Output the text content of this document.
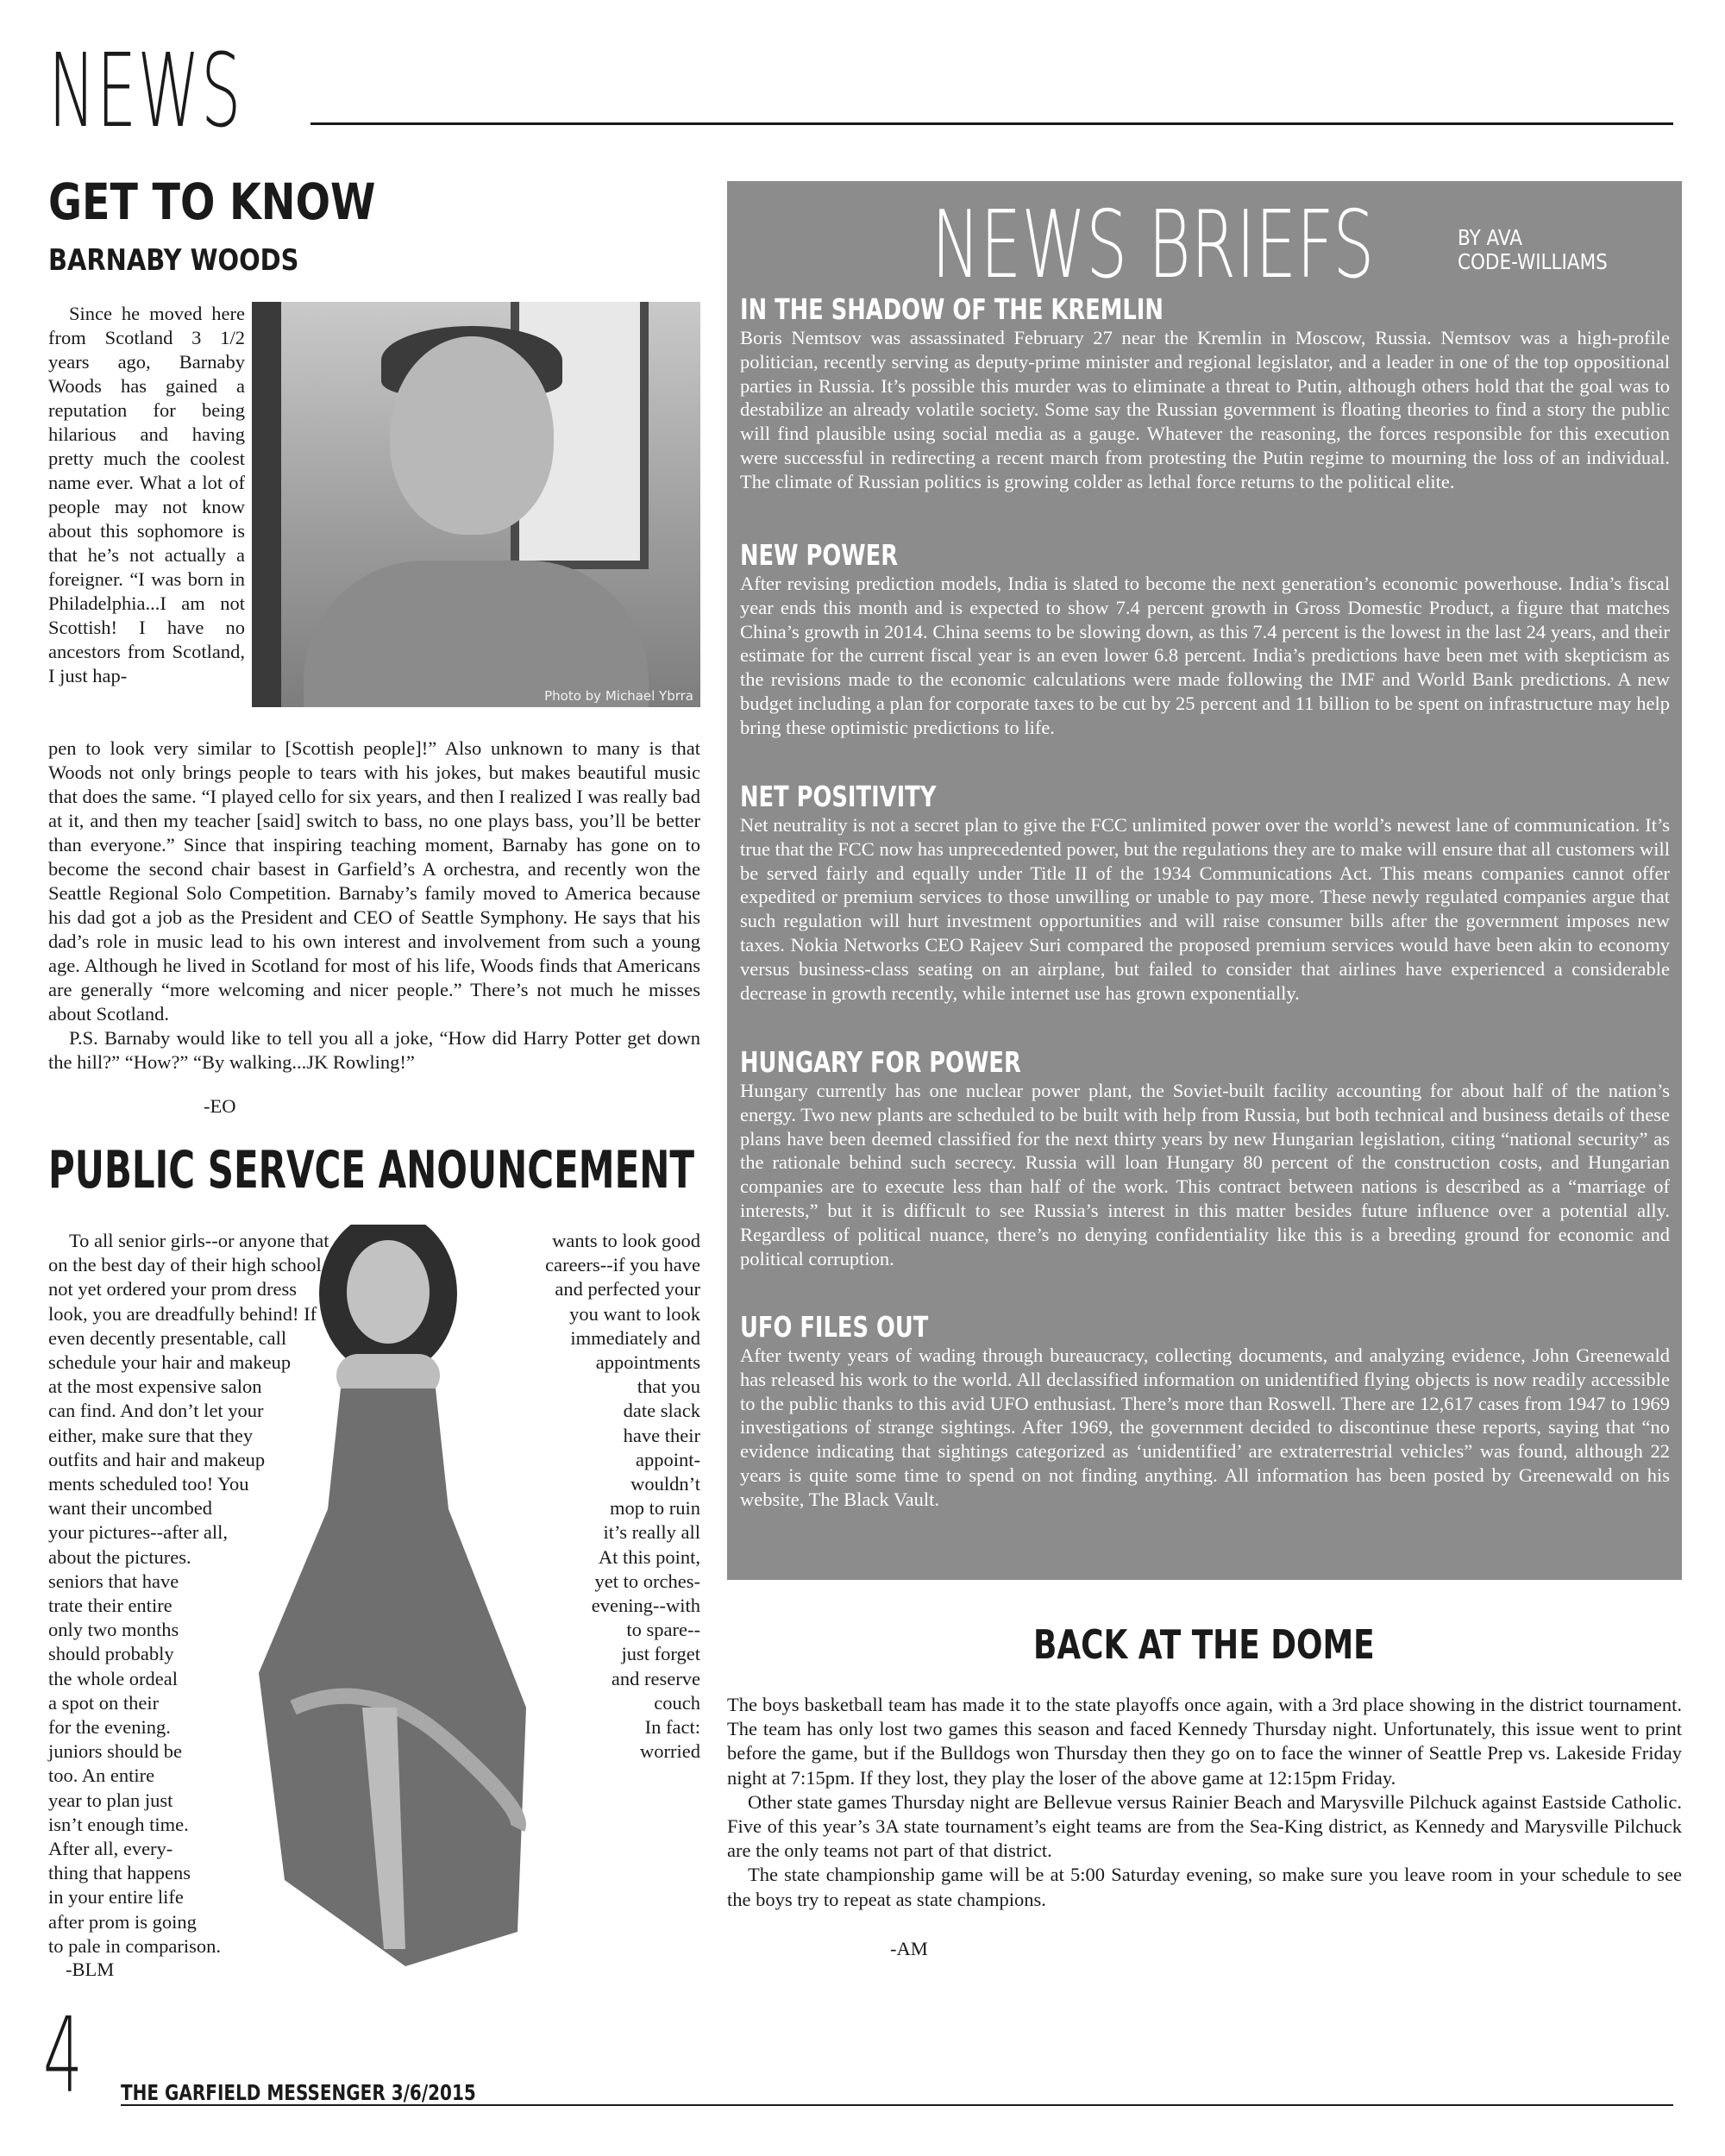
NEWS
GET TO KNOW
BARNABY WOODS

Since he moved here from Scotland 3 1/2 years ago, Barnaby Woods has gained a reputation for being hilarious and having pretty much the coolest name ever. What a lot of people may not know about this sophomore is that he’s not actually a foreigner. “I was born in Philadelphia...I am not Scottish! I have no ancestors from Scotland, I just hap-

Photo by Michael Ybrra

pen to look very similar to [Scottish people]!” Also unknown to many is that Woods not only brings people to tears with his jokes, but makes beautiful music that does the same. “I played cello for six years, and then I realized I was really bad at it, and then my teacher [said] switch to bass, no one plays bass, you’ll be better than everyone.” Since that inspiring teaching moment, Barnaby has gone on to become the second chair basest in Garfield’s A orchestra, and recently won the Seattle Regional Solo Competition. Barnaby’s family moved to America because his dad got a job as the President and CEO of Seattle Symphony. He says that his dad’s role in music lead to his own interest and involvement from such a young age. Although he lived in Scotland for most of his life, Woods finds that Americans are generally “more welcoming and nicer people.” There’s not much he misses about Scotland.

P.S. Barnaby would like to tell you all a joke, “How did Harry Potter get down the hill?” “How?” “By walking...JK Rowling!”

-EO
PUBLIC SERVCE ANOUNCEMENT

To all senior girls--or anyone that

on the best day of their high school

not yet ordered your prom dress

look, you are dreadfully behind! If

even decently presentable, call

schedule your hair and makeup

at the most expensive salon

can find. And don’t let your

either, make sure that they

outfits and hair and makeup

ments scheduled too! You

want their uncombed

your pictures--after all,

about the pictures.

seniors that have

trate their entire

only two months

should probably

the whole ordeal

a spot on their

for the evening.

juniors should be

too. An entire

year to plan just

isn’t enough time.

After all, every-

thing that happens

in your entire life

after prom is going

to pale in comparison.

-BLM

wants to look good

careers--if you have

and perfected your

you want to look

immediately and

appointments

that you

date slack

have their

appoint-

wouldn’t

mop to ruin

it’s really all

At this point,

yet to orches-

evening--with

to spare--

just forget

and reserve

couch

In fact:

worried

NEWS BRIEFS	BY AVA
CODE-WILLIAMS
IN THE SHADOW OF THE KREMLIN

Boris Nemtsov was assassinated February 27 near the Kremlin in Moscow, Russia. Nemtsov was a high-profile politician, recently serving as deputy-prime minister and regional legislator, and a leader in one of the top oppositional parties in Russia. It’s possible this murder was to eliminate a threat to Putin, although others hold that the goal was to destabilize an already volatile society. Some say the Russian government is floating theories to find a story the public will find plausible using social media as a gauge. Whatever the reasoning, the forces responsible for this execution were successful in redirecting a recent march from protesting the Putin regime to mourning the loss of an individual. The climate of Russian politics is growing colder as lethal force returns to the political elite.

NEW POWER

After revising prediction models, India is slated to become the next generation’s economic powerhouse. India’s fiscal year ends this month and is expected to show 7.4 percent growth in Gross Domestic Product, a figure that matches China’s growth in 2014. China seems to be slowing down, as this 7.4 percent is the lowest in the last 24 years, and their estimate for the current fiscal year is an even lower 6.8 percent. India’s predictions have been met with skepticism as the revisions made to the economic calculations were made following the IMF and World Bank predictions. A new budget including a plan for corporate taxes to be cut by 25 percent and 11 billion to be spent on infrastructure may help bring these optimistic predictions to life.

NET POSITIVITY

Net neutrality is not a secret plan to give the FCC unlimited power over the world’s newest lane of communication. It’s true that the FCC now has unprecedented power, but the regulations they are to make will ensure that all customers will be served fairly and equally under Title II of the 1934 Communications Act. This means companies cannot offer expedited or premium services to those unwilling or unable to pay more. These newly regulated companies argue that such regulation will hurt investment opportunities and will raise consumer bills after the government imposes new taxes. Nokia Networks CEO Rajeev Suri compared the proposed premium services would have been akin to economy versus business-class seating on an airplane, but failed to consider that airlines have experienced a considerable decrease in growth recently, while internet use has grown exponentially.

HUNGARY FOR POWER

Hungary currently has one nuclear power plant, the Soviet-built facility accounting for about half of the nation’s energy. Two new plants are scheduled to be built with help from Russia, but both technical and business details of these plans have been deemed classified for the next thirty years by new Hungarian legislation, citing “national security” as the rationale behind such secrecy. Russia will loan Hungary 80 percent of the construction costs, and Hungarian companies are to execute less than half of the work. This contract between nations is described as a “marriage of interests,” but it is difficult to see Russia’s interest in this matter besides future influence over a potential ally. Regardless of political nuance, there’s no denying confidentiality like this is a breeding ground for economic and political corruption.

UFO FILES OUT

After twenty years of wading through bureaucracy, collecting documents, and analyzing evidence, John Greenewald has released his work to the world. All declassified information on unidentified flying objects is now readily accessible to the public thanks to this avid UFO enthusiast. There’s more than Roswell. There are 12,617 cases from 1947 to 1969 investigations of strange sightings. After 1969, the government decided to discontinue these reports, saying that “no evidence indicating that sightings categorized as ‘unidentified’ are extraterrestrial vehicles” was found, although 22 years is quite some time to spend on not finding anything. All information has been posted by Greenewald on his website, The Black Vault.

BACK AT THE DOME

The boys basketball team has made it to the state playoffs once again, with a 3rd place showing in the district tournament. The team has only lost two games this season and faced Kennedy Thursday night. Unfortunately, this issue went to print before the game, but if the Bulldogs won Thursday then they go on to face the winner of Seattle Prep vs. Lakeside Friday night at 7:15pm. If they lost, they play the loser of the above game at 12:15pm Friday.

Other state games Thursday night are Bellevue versus Rainier Beach and Marysville Pilchuck against Eastside Catholic. Five of this year’s 3A state tournament’s eight teams are from the Sea-King district, as Kennedy and Marysville Pilchuck are the only teams not part of that district.

The state championship game will be at 5:00 Saturday evening, so make sure you leave room in your schedule to see the boys try to repeat as state champions.

-AM
4 THE GARFIELD MESSENGER 3/6/2015
